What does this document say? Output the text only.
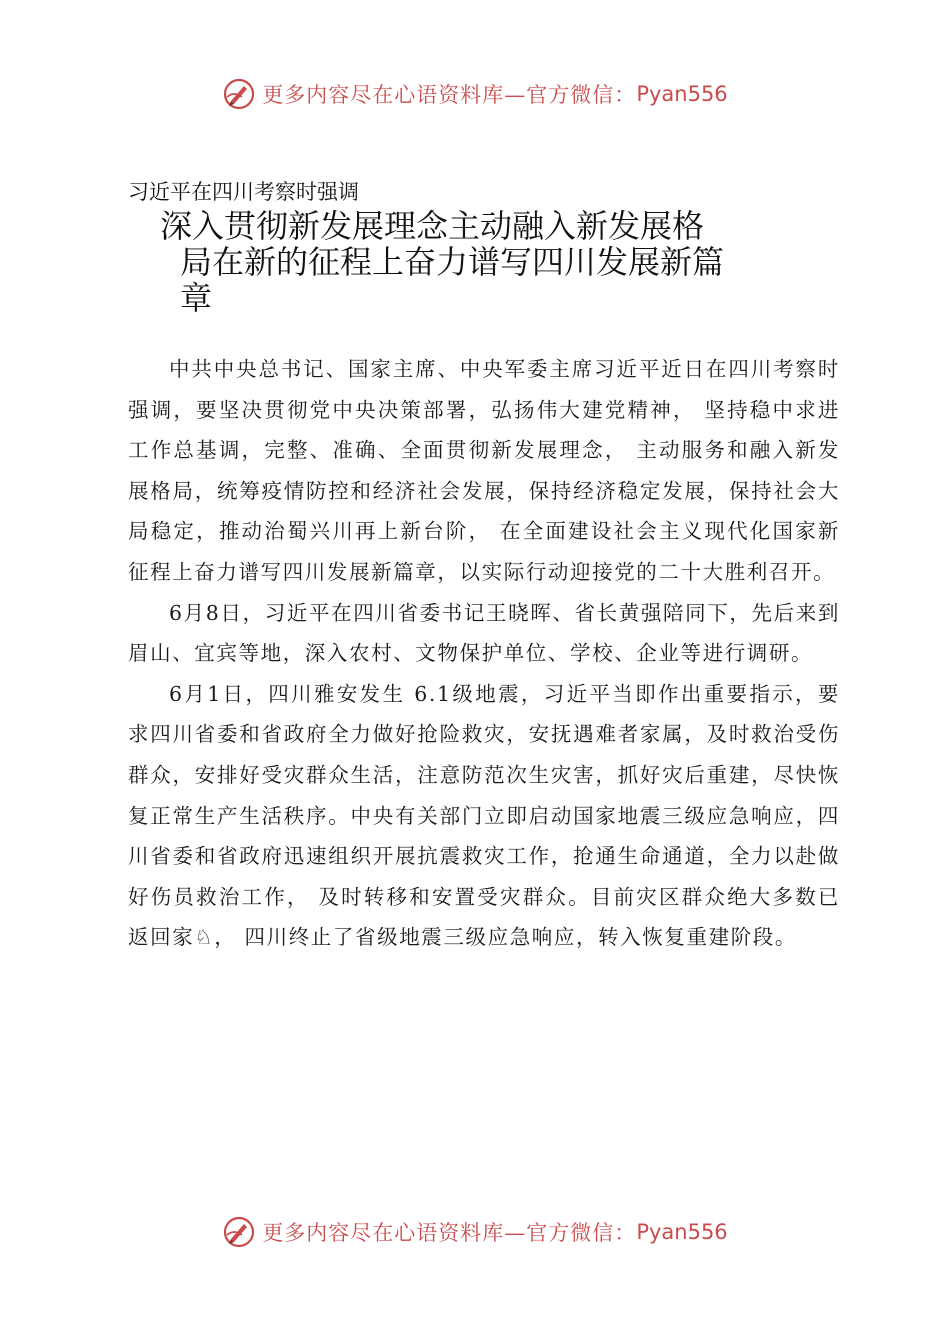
更多内容尽在心语资料库—官方微信： Pyan556
习近平在四川考察时强调
深入贯彻新发展理念主动融入新发展格
局在新的征程上奋力谱写四川发展新篇
章

中共中央总书记、国家主席、中央军委主席习近平近日在四川考察时强调，要坚决贯彻党中央决策部署，弘扬伟大建党精神， 坚持稳中求进工作总基调，完整、准确、全面贯彻新发展理念， 主动服务和融入新发展格局，统筹疫情防控和经济社会发展，保持经济稳定发展，保持社会大局稳定，推动治蜀兴川再上新台阶， 在全面建设社会主义现代化国家新征程上奋力谱写四川发展新篇章，以实际行动迎接党的二十大胜利召开。

6月8日，习近平在四川省委书记王晓晖、省长黄强陪同下，先后来到眉山、宜宾等地，深入农村、文物保护单位、学校、企业等进行调研。

6月1日，四川雅安发生 6.1级地震，习近平当即作出重要指示，要求四川省委和省政府全力做好抢险救灾，安抚遇难者家属，及时救治受伤群众，安排好受灾群众生活，注意防范次生灾害，抓好灾后重建，尽快恢复正常生产生活秩序。中央有关部门立即启动国家地震三级应急响应，四川省委和省政府迅速组织开展抗震救灾工作，抢通生命通道，全力以赴做好伤员救治工作， 及时转移和安置受灾群众。目前灾区群众绝大多数已返回家♘， 四川终止了省级地震三级应急响应，转入恢复重建阶段。

更多内容尽在心语资料库—官方微信： Pyan556
